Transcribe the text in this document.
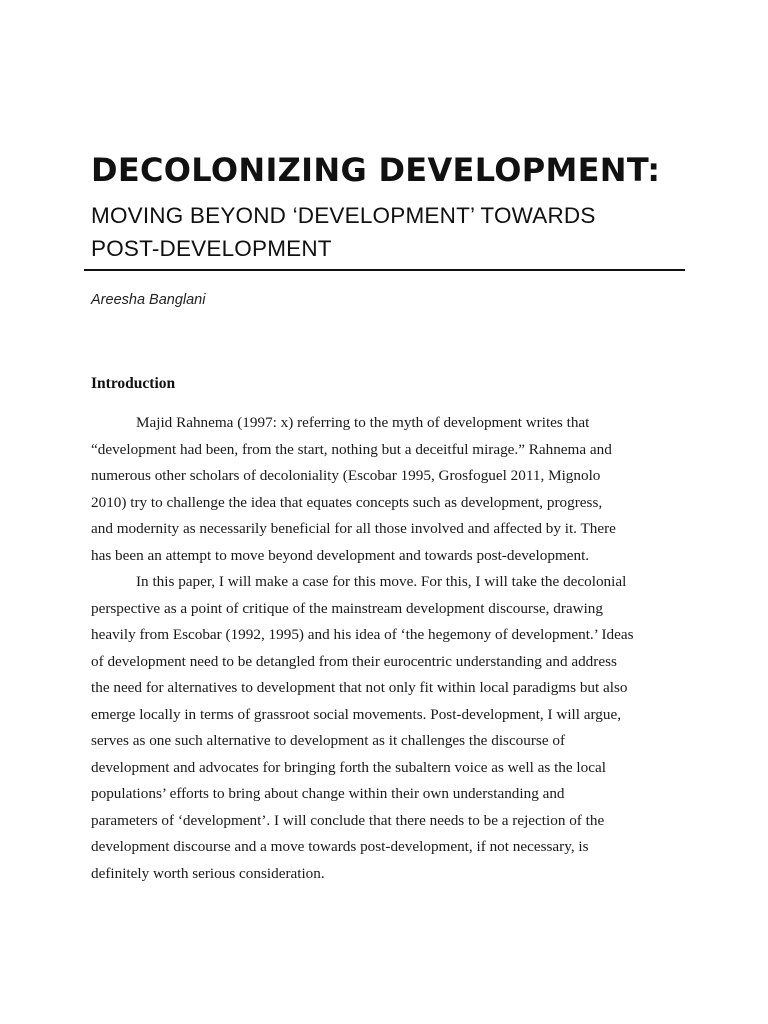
DECOLONIZING DEVELOPMENT:
MOVING BEYOND ‘DEVELOPMENT’ TOWARDS
POST-DEVELOPMENT

Areesha Banglani

Introduction
Majid Rahnema (1997: x) referring to the myth of development writes that
“development had been, from the start, nothing but a deceitful mirage.” Rahnema and
numerous other scholars of decoloniality (Escobar 1995, Grosfoguel 2011, Mignolo
2010) try to challenge the idea that equates concepts such as development, progress,
and modernity as necessarily beneficial for all those involved and affected by it. There
has been an attempt to move beyond development and towards post-development.
In this paper, I will make a case for this move. For this, I will take the decolonial
perspective as a point of critique of the mainstream development discourse, drawing
heavily from Escobar (1992, 1995) and his idea of ‘the hegemony of development.’ Ideas
of development need to be detangled from their eurocentric understanding and address
the need for alternatives to development that not only fit within local paradigms but also
emerge locally in terms of grassroot social movements. Post-development, I will argue,
serves as one such alternative to development as it challenges the discourse of
development and advocates for bringing forth the subaltern voice as well as the local
populations’ efforts to bring about change within their own understanding and
parameters of ‘development’. I will conclude that there needs to be a rejection of the
development discourse and a move towards post-development, if not necessary, is
definitely worth serious consideration.
